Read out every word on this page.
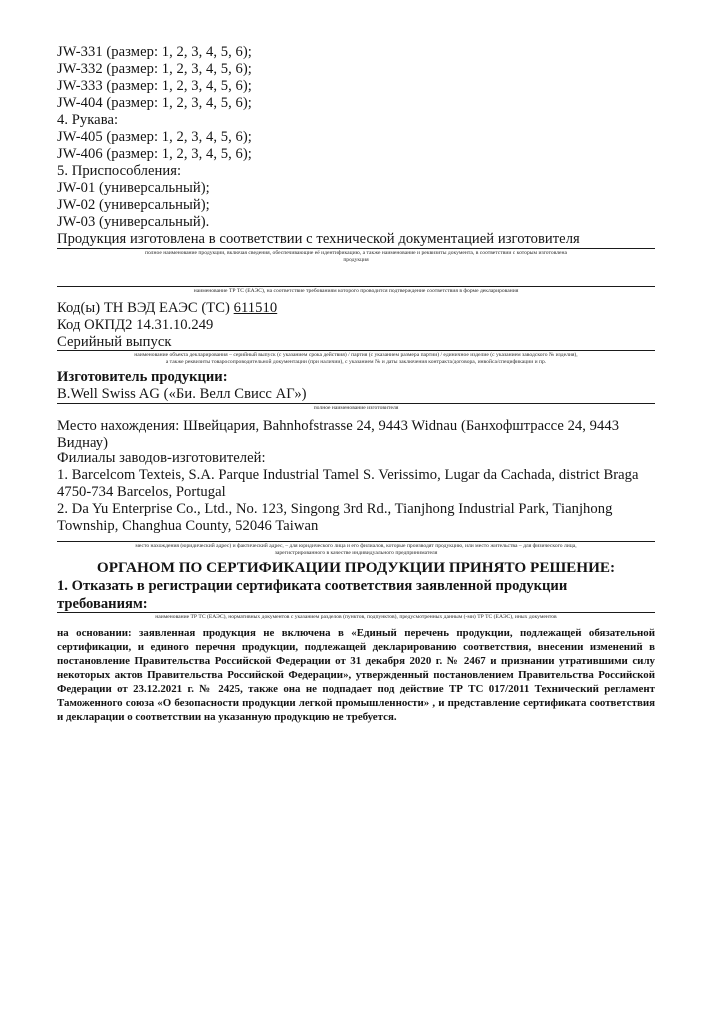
JW-331 (размер: 1, 2, 3, 4, 5, 6);
JW-332 (размер: 1, 2, 3, 4, 5, 6);
JW-333 (размер: 1, 2, 3, 4, 5, 6);
JW-404 (размер: 1, 2, 3, 4, 5, 6);
4. Рукава:
JW-405 (размер: 1, 2, 3, 4, 5, 6);
JW-406 (размер: 1, 2, 3, 4, 5, 6);
5. Приспособления:
JW-01 (универсальный);
JW-02 (универсальный);
JW-03 (универсальный).
Продукция изготовлена в соответствии с технической документацией изготовителя
полное наименование продукции, включая сведения, обеспечивающие её идентификацию, а также наименование и реквизиты документа, в соответствии с которым изготовлена
продукция
наименование ТР ТС (ЕАЭС), на соответствие требованиям которого проводится подтверждение соответствия в форме декларирования
Код(ы) ТН ВЭД ЕАЭС (ТС) 611510
Код ОКПД2 14.31.10.249
Серийный выпуск
наименование объекта декларирования – серийный выпуск (с указанием срока действия) / партия (с указанием размера партии) / единичное изделие (с указанием заводского № изделия),
а также реквизиты товаросопроводительной документации (при наличии), с указанием № и даты заключения контракта/договора, инвойса/спецификации и пр.
Изготовитель продукции:
B.Well Swiss AG («Би. Велл Свисс АГ»)
полное наименование изготовителя
Место нахождения: Швейцария, Bahnhofstrasse 24, 9443 Widnau (Банхофштрассе 24, 9443
Виднау)
Филиалы заводов-изготовителей:
1. Barcelcom Texteis, S.A. Parque Industrial Tamel S. Verissimo, Lugar da Cachada, district Braga
4750-734 Barcelos, Portugal
2. Da Yu Enterprise Co., Ltd., No. 123, Singong 3rd Rd., Tianjhong Industrial Park, Tianjhong
Township, Changhua County, 52046 Taiwan
место нахождения (юридический адрес) и фактический адрес, – для юридического лица и его филиалов, которые производят продукцию, или место жительства – для физического лица,
зарегистрированного в качестве индивидуального предпринимателя
ОРГАНОМ ПО СЕРТИФИКАЦИИ ПРОДУКЦИИ ПРИНЯТО РЕШЕНИЕ:
1. Отказать в регистрации сертификата соответствия заявленной продукции
требованиям:
наименование ТР ТС (ЕАЭС), нормативных документов с указанием разделов (пунктов, подпунктов), предусмотренных данным (-ми) ТР ТС (ЕАЭС), иных документов
на основании: заявленная продукция не включена в «Единый перечень продукции, подлежащей обязательной сертификации, и единого перечня продукции, подлежащей декларированию соответствия, внесении изменений в постановление Правительства Российской Федерации от 31 декабря 2020 г. № 2467 и признании утратившими силу некоторых актов Правительства Российской Федерации», утвержденный постановлением Правительства Российской Федерации от 23.12.2021 г. № 2425, также она не подпадает под действие ТР ТС 017/2011 Технический регламент Таможенного союза «О безопасности продукции легкой промышленности» , и представление сертификата соответствия и декларации о соответствии на указанную продукцию не требуется.
